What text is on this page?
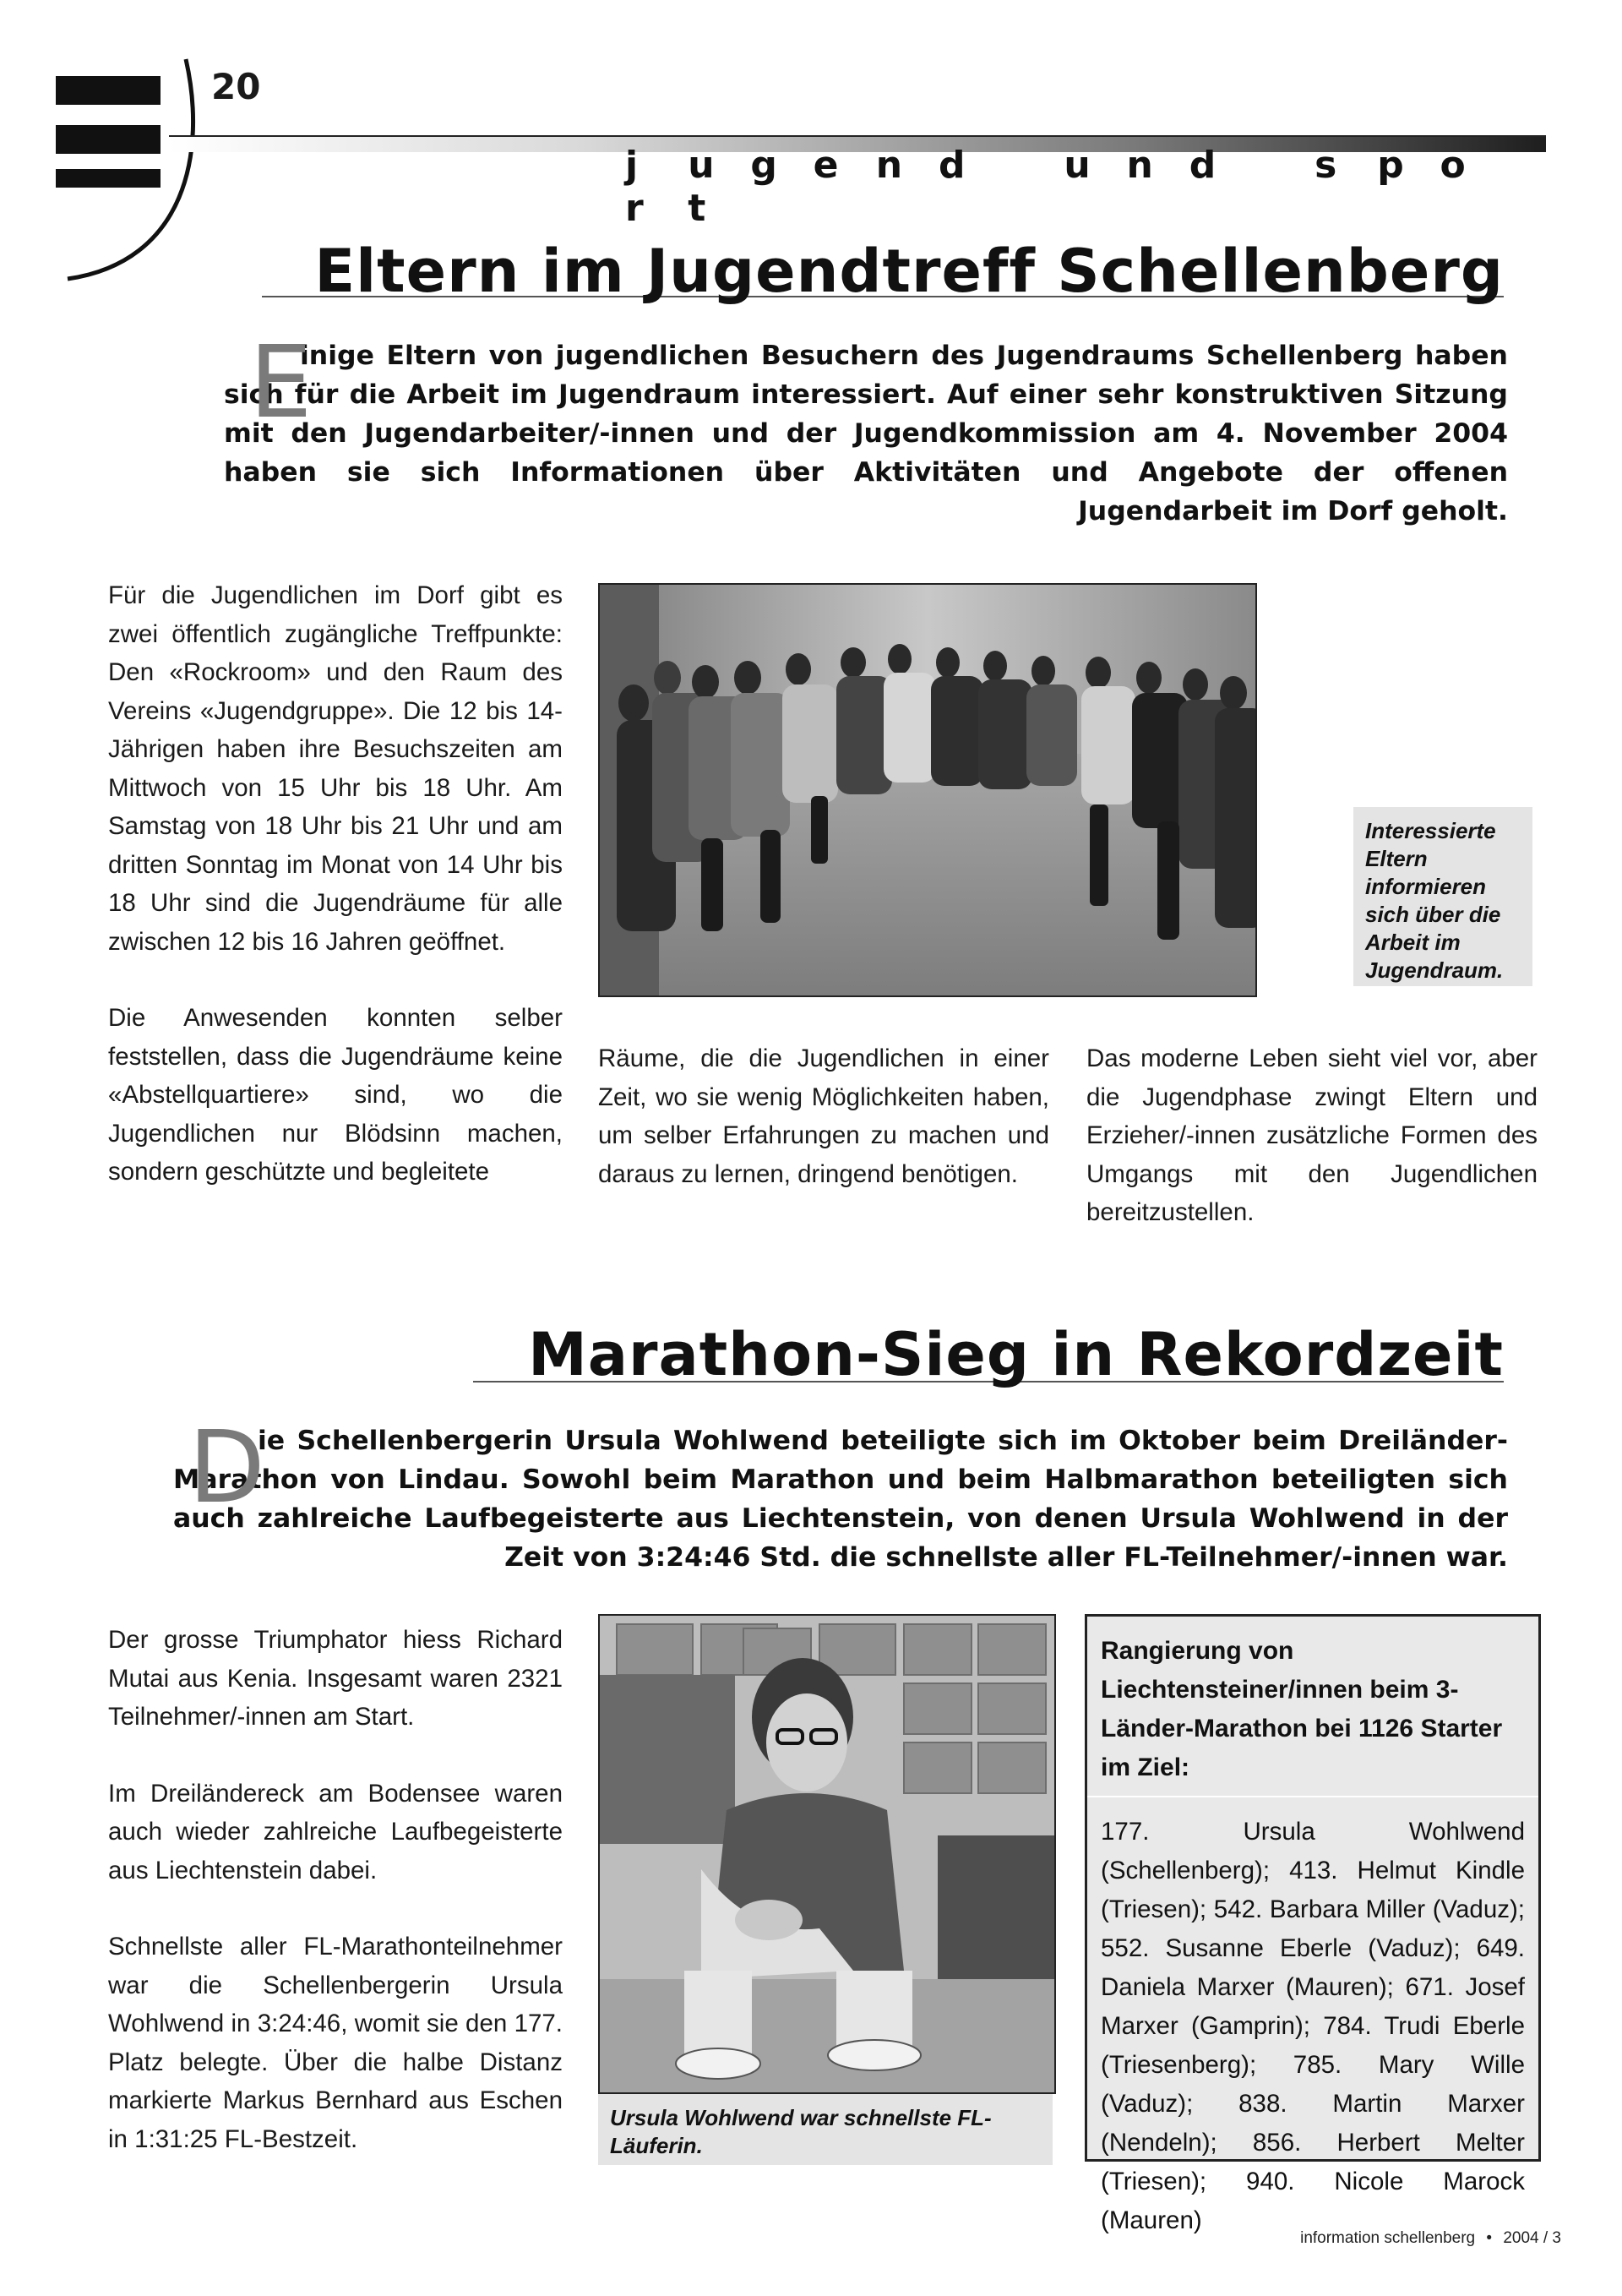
20
j u g e n d	u n d	s p or t
Eltern im Jugendtreff Schellenberg
E
inige Eltern von jugendlichen Besuchern des Jugendraums Schellenberg haben sich für die Arbeit im Jugendraum interessiert. Auf einer sehr konstruktiven Sitzung mit den Jugendarbeiter/-innen und der Jugendkommission am 4. November 2004 haben sie sich Informationen über Aktivitäten und Angebote der offenen Jugendarbeit im Dorf geholt.

Für die Jugendlichen im Dorf gibt es zwei öffentlich zugängliche Treffpunkte: Den «Rockroom» und den Raum des Vereins «Jugendgruppe». Die 12 bis 14-Jährigen haben ihre Besuchszeiten am Mittwoch von 15 Uhr bis 18 Uhr. Am Samstag von 18 Uhr bis 21 Uhr und am dritten Sonntag im Monat von 14 Uhr bis 18 Uhr sind die Jugendräume für alle zwischen 12 bis 16 Jahren geöffnet.

Die Anwesenden konnten selber feststellen, dass die Jugendräume keine «Abstellquartiere» sind, wo die Jugendlichen nur Blödsinn machen, sondern geschützte und begleitete

Interessierte Eltern informieren sich über die Arbeit im Jugendraum.

Räume, die die Jugendlichen in einer Zeit, wo sie wenig Möglichkeiten haben, um selber Erfahrungen zu machen und daraus zu lernen, dringend benötigen.

Das moderne Leben sieht viel vor, aber die Jugendphase zwingt Eltern und Erzieher/-innen zusätzliche Formen des Umgangs mit den Jugendlichen bereitzustellen.

Marathon-Sieg in Rekordzeit
D
ie Schellenbergerin Ursula Wohlwend beteiligte sich im Oktober beim Dreiländer-Marathon von Lindau. Sowohl beim Marathon und beim Halbmarathon beteiligten sich auch zahlreiche Laufbegeisterte aus Liechtenstein, von denen Ursula Wohlwend in der Zeit von 3:24:46 Std. die schnellste aller FL-Teilnehmer/-innen war.

Der grosse Triumphator hiess Richard Mutai aus Kenia. Insgesamt waren 2321 Teilnehmer/-innen am Start.

Im Dreiländereck am Bodensee waren auch wieder zahlreiche Laufbegeisterte aus Liechtenstein dabei.

Schnellste aller FL-Marathonteilnehmer war die Schellenbergerin Ursula Wohlwend in 3:24:46, womit sie den 177. Platz belegte. Über die halbe Distanz markierte Markus Bernhard aus Eschen in 1:31:25 FL-Bestzeit.

Ursula Wohlwend war schnellste FL-Läuferin.
Rangierung von Liechtensteiner/innen beim 3-Länder-Marathon bei 1126 Starter im Ziel:
177. Ursula Wohlwend (Schellenberg); 413. Helmut Kindle (Triesen); 542. Barbara Miller (Vaduz); 552. Susanne Eberle (Vaduz); 649. Daniela Marxer (Mauren); 671. Josef Marxer (Gamprin); 784. Trudi Eberle (Triesenberg); 785. Mary Wille (Vaduz); 838. Martin Marxer (Nendeln); 856. Herbert Melter (Triesen); 940. Nicole Marock (Mauren)
information schellenberg • 2004 / 3
